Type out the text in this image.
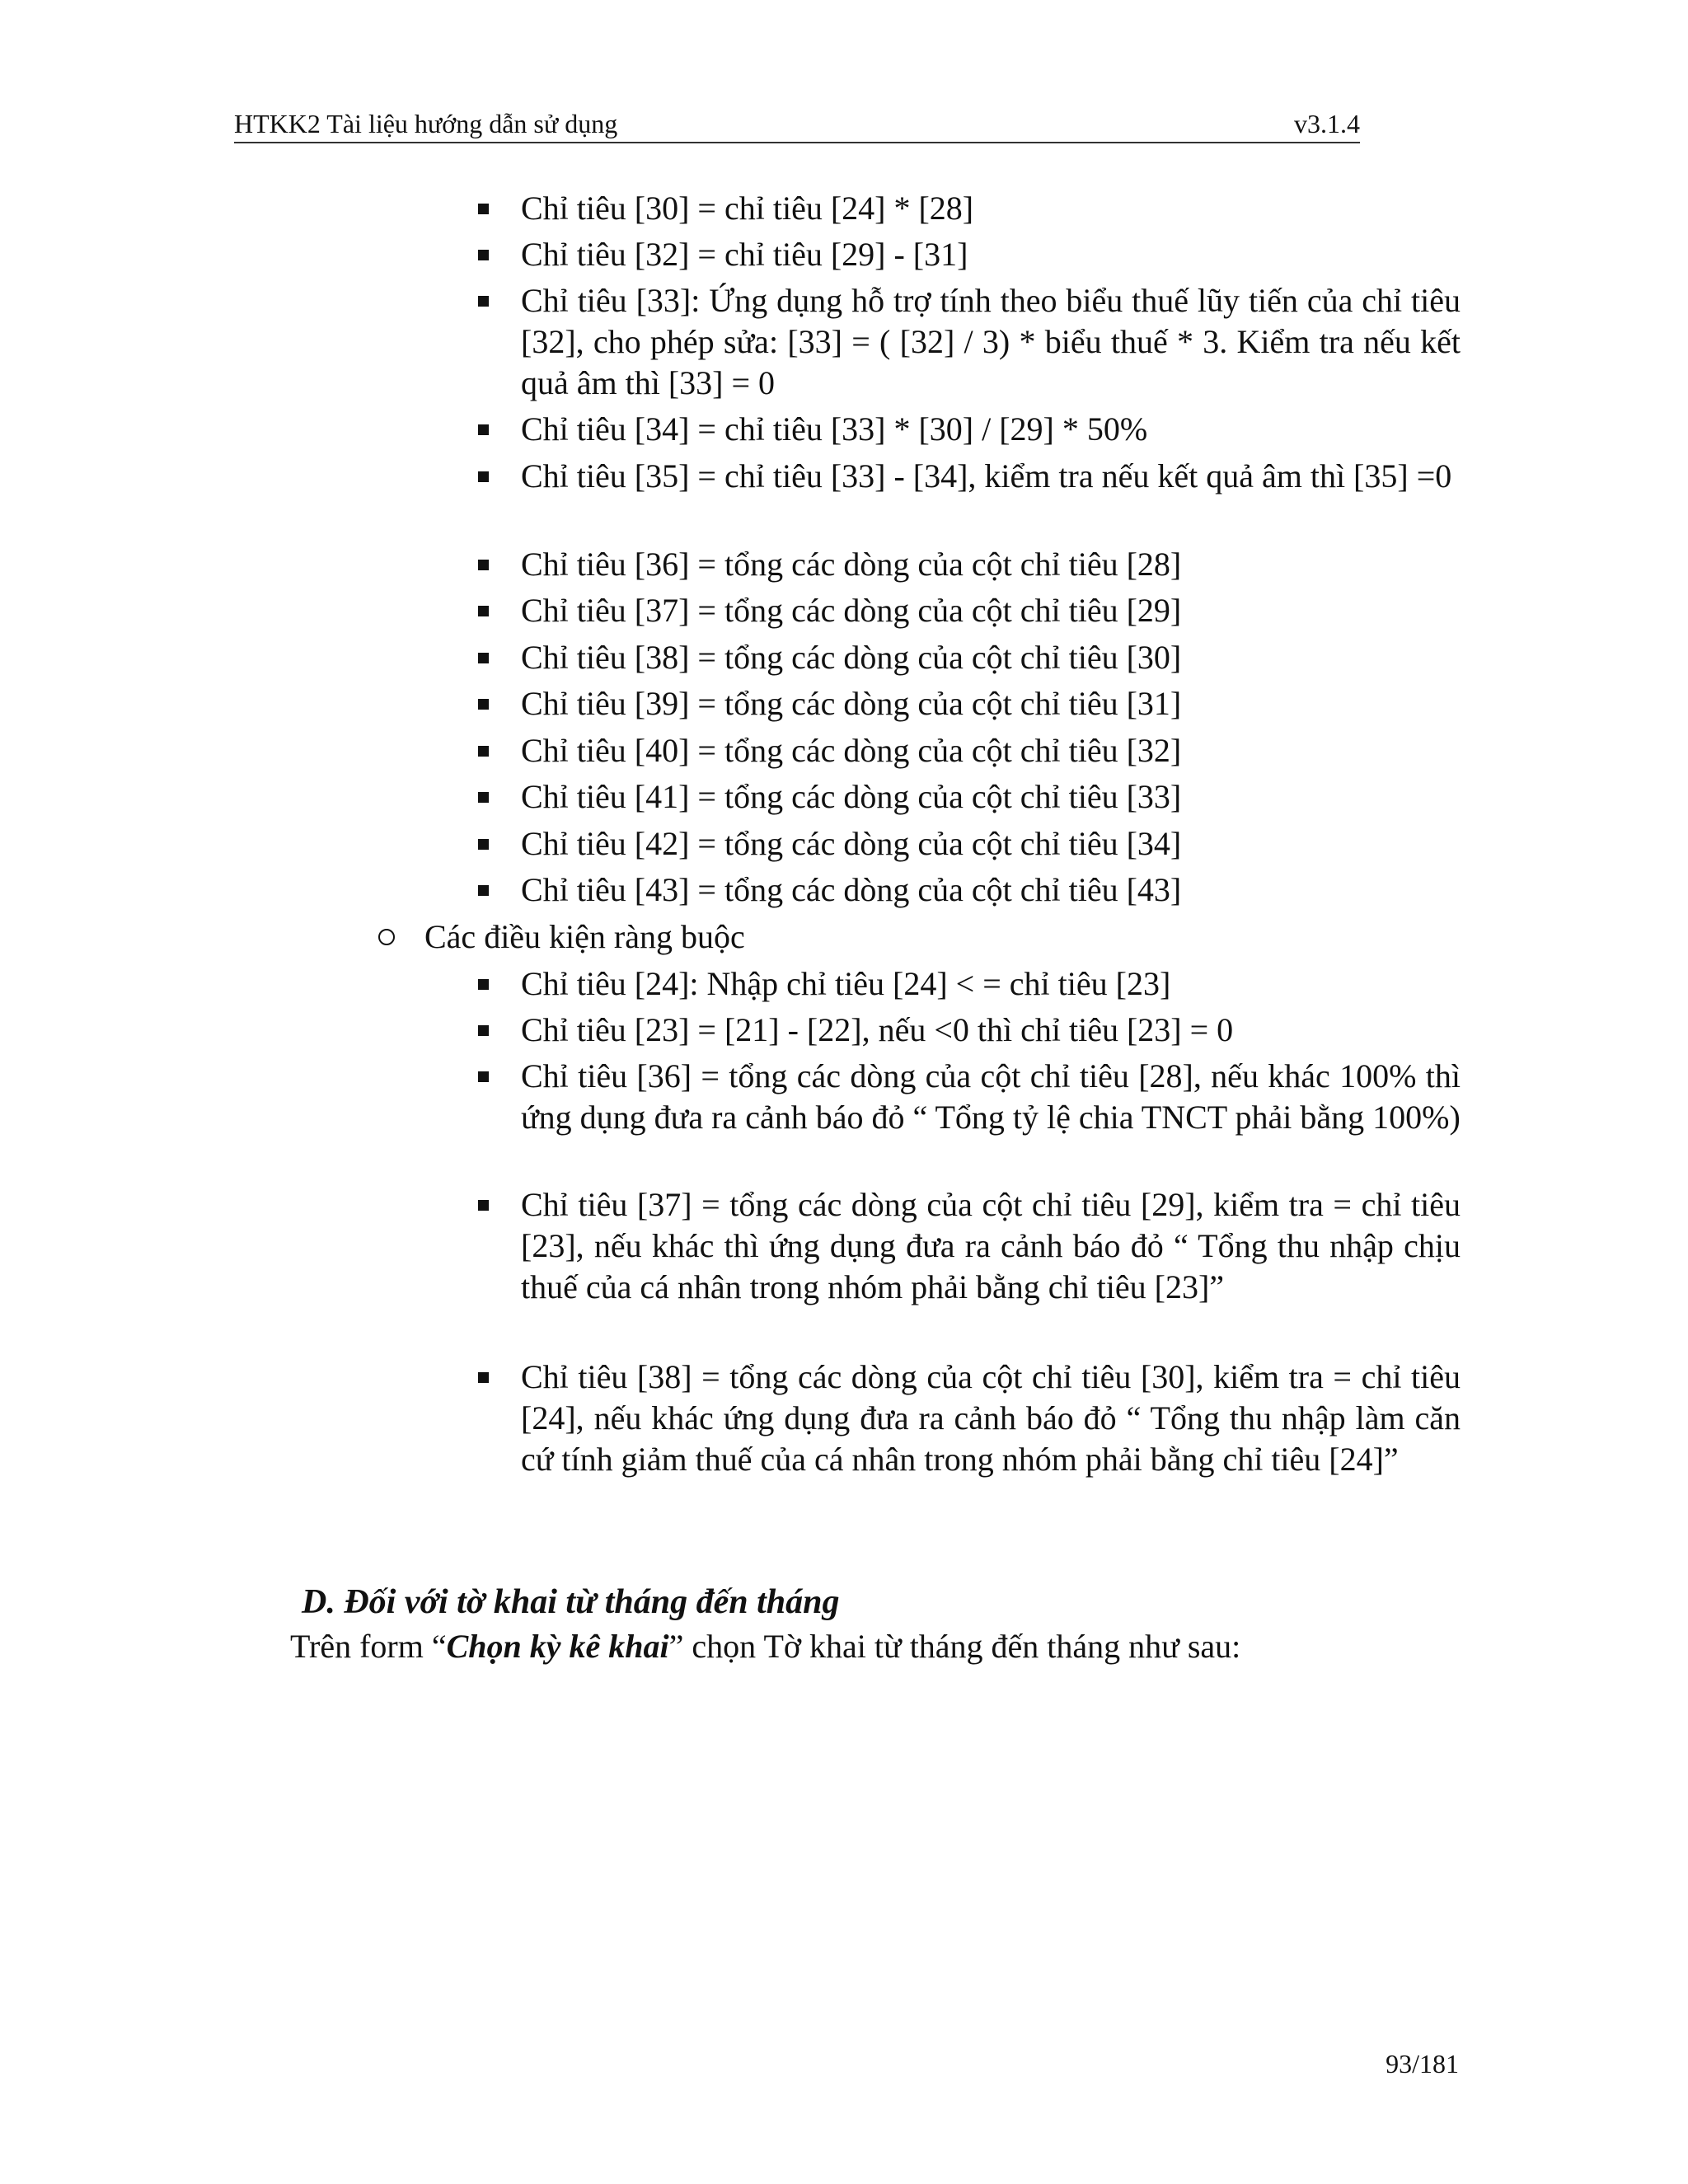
HTKK2 Tài liệu hướng dẫn sử dụng	v3.1.4
Chỉ tiêu [30] = chỉ tiêu [24] * [28]
Chỉ tiêu [32] = chỉ tiêu [29] - [31]
Chỉ tiêu [33]: Ứng dụng hỗ trợ tính theo biểu thuế lũy tiến của chỉ tiêu [32], cho phép sửa: [33] = ( [32] / 3) * biểu thuế * 3. Kiểm tra nếu kết quả âm thì [33] = 0
Chỉ tiêu [34] = chỉ tiêu [33] * [30] / [29] * 50%
Chỉ tiêu [35] = chỉ tiêu [33] - [34], kiểm tra nếu kết quả âm thì [35] =0
Chỉ tiêu [36] = tổng các dòng của cột chỉ tiêu [28]
Chỉ tiêu [37] = tổng các dòng của cột chỉ tiêu [29]
Chỉ tiêu [38] = tổng các dòng của cột chỉ tiêu [30]
Chỉ tiêu [39] = tổng các dòng của cột chỉ tiêu [31]
Chỉ tiêu [40] = tổng các dòng của cột chỉ tiêu [32]
Chỉ tiêu [41] = tổng các dòng của cột chỉ tiêu [33]
Chỉ tiêu [42] = tổng các dòng của cột chỉ tiêu [34]
Chỉ tiêu [43] = tổng các dòng của cột chỉ tiêu [43]
Các điều kiện ràng buộc
Chỉ tiêu [24]: Nhập chỉ tiêu [24] < = chỉ tiêu [23]
Chỉ tiêu [23] = [21] - [22], nếu <0 thì chỉ tiêu [23] = 0
Chỉ tiêu [36] = tổng các dòng của cột chỉ tiêu [28], nếu khác 100% thì ứng dụng đưa ra cảnh báo đỏ “ Tổng tỷ lệ chia TNCT phải bằng 100%)
Chỉ tiêu [37] = tổng các dòng của cột chỉ tiêu [29], kiểm tra = chỉ tiêu [23], nếu khác thì ứng dụng đưa ra cảnh báo đỏ “ Tổng thu nhập chịu thuế của cá nhân trong nhóm phải bằng chỉ tiêu [23]”
Chỉ tiêu [38] = tổng các dòng của cột chỉ tiêu [30], kiểm tra = chỉ tiêu [24], nếu khác ứng dụng đưa ra cảnh báo đỏ “ Tổng thu nhập làm căn cứ tính giảm thuế của cá nhân trong nhóm phải bằng chỉ tiêu [24]”
D. Đối với tờ khai từ tháng đến tháng
Trên form “Chọn kỳ kê khai” chọn Tờ khai từ tháng đến tháng như sau:
93/181
